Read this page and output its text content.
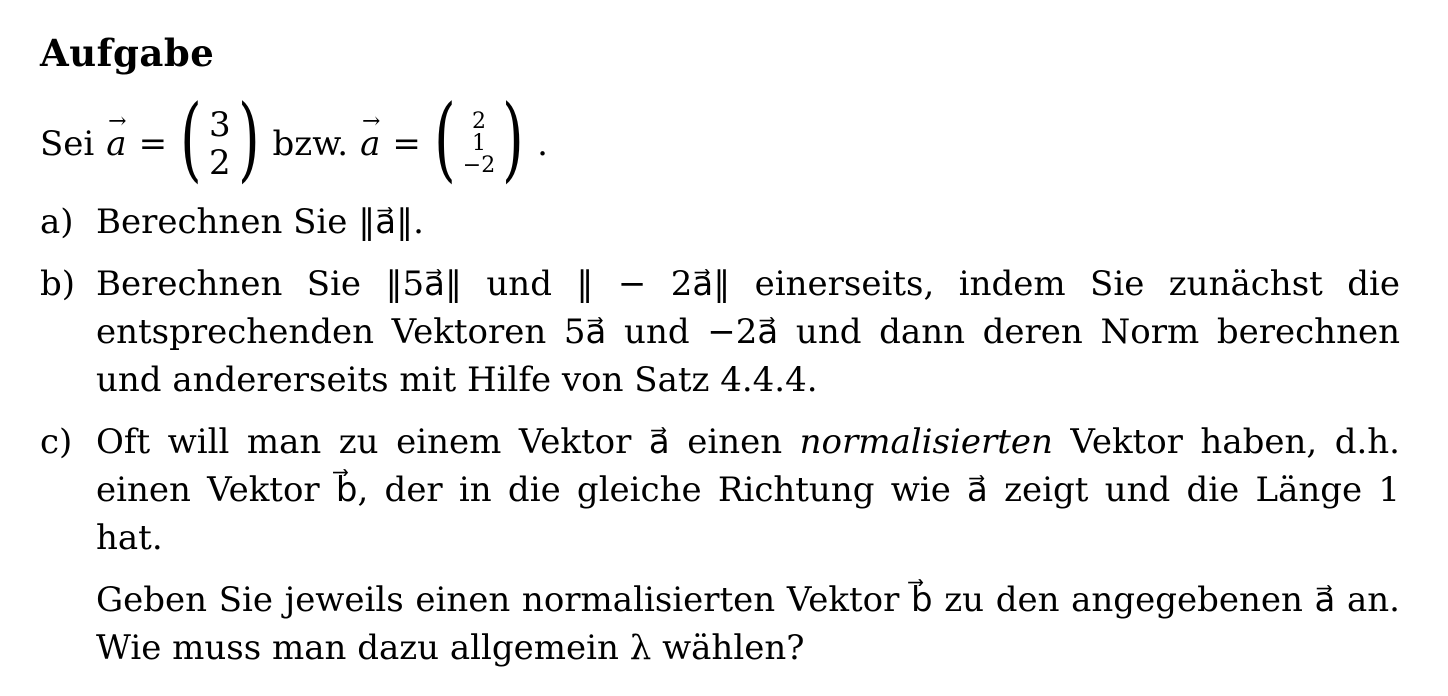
Aufgabe
Sei a → = ( 3
2 ) bzw. a → = ( 2
1
−2 ) .
a) Berechnen Sie ‖a⃗‖.

b) Berechnen Sie ‖5a⃗‖ und ‖ − 2a⃗‖ einerseits, indem Sie zunächst die entsprechenden Vektoren 5a⃗ und −2a⃗ und dann deren Norm berechnen und andererseits mit Hilfe von Satz 4.4.4.

c) Oft will man zu einem Vektor a⃗ einen normalisierten Vektor haben, d.h. einen Vektor b⃗, der in die gleiche Richtung wie a⃗ zeigt und die Länge 1 hat.

Geben Sie jeweils einen normalisierten Vektor b⃗ zu den angegebenen a⃗ an. Wie muss man dazu allgemein λ wählen?
